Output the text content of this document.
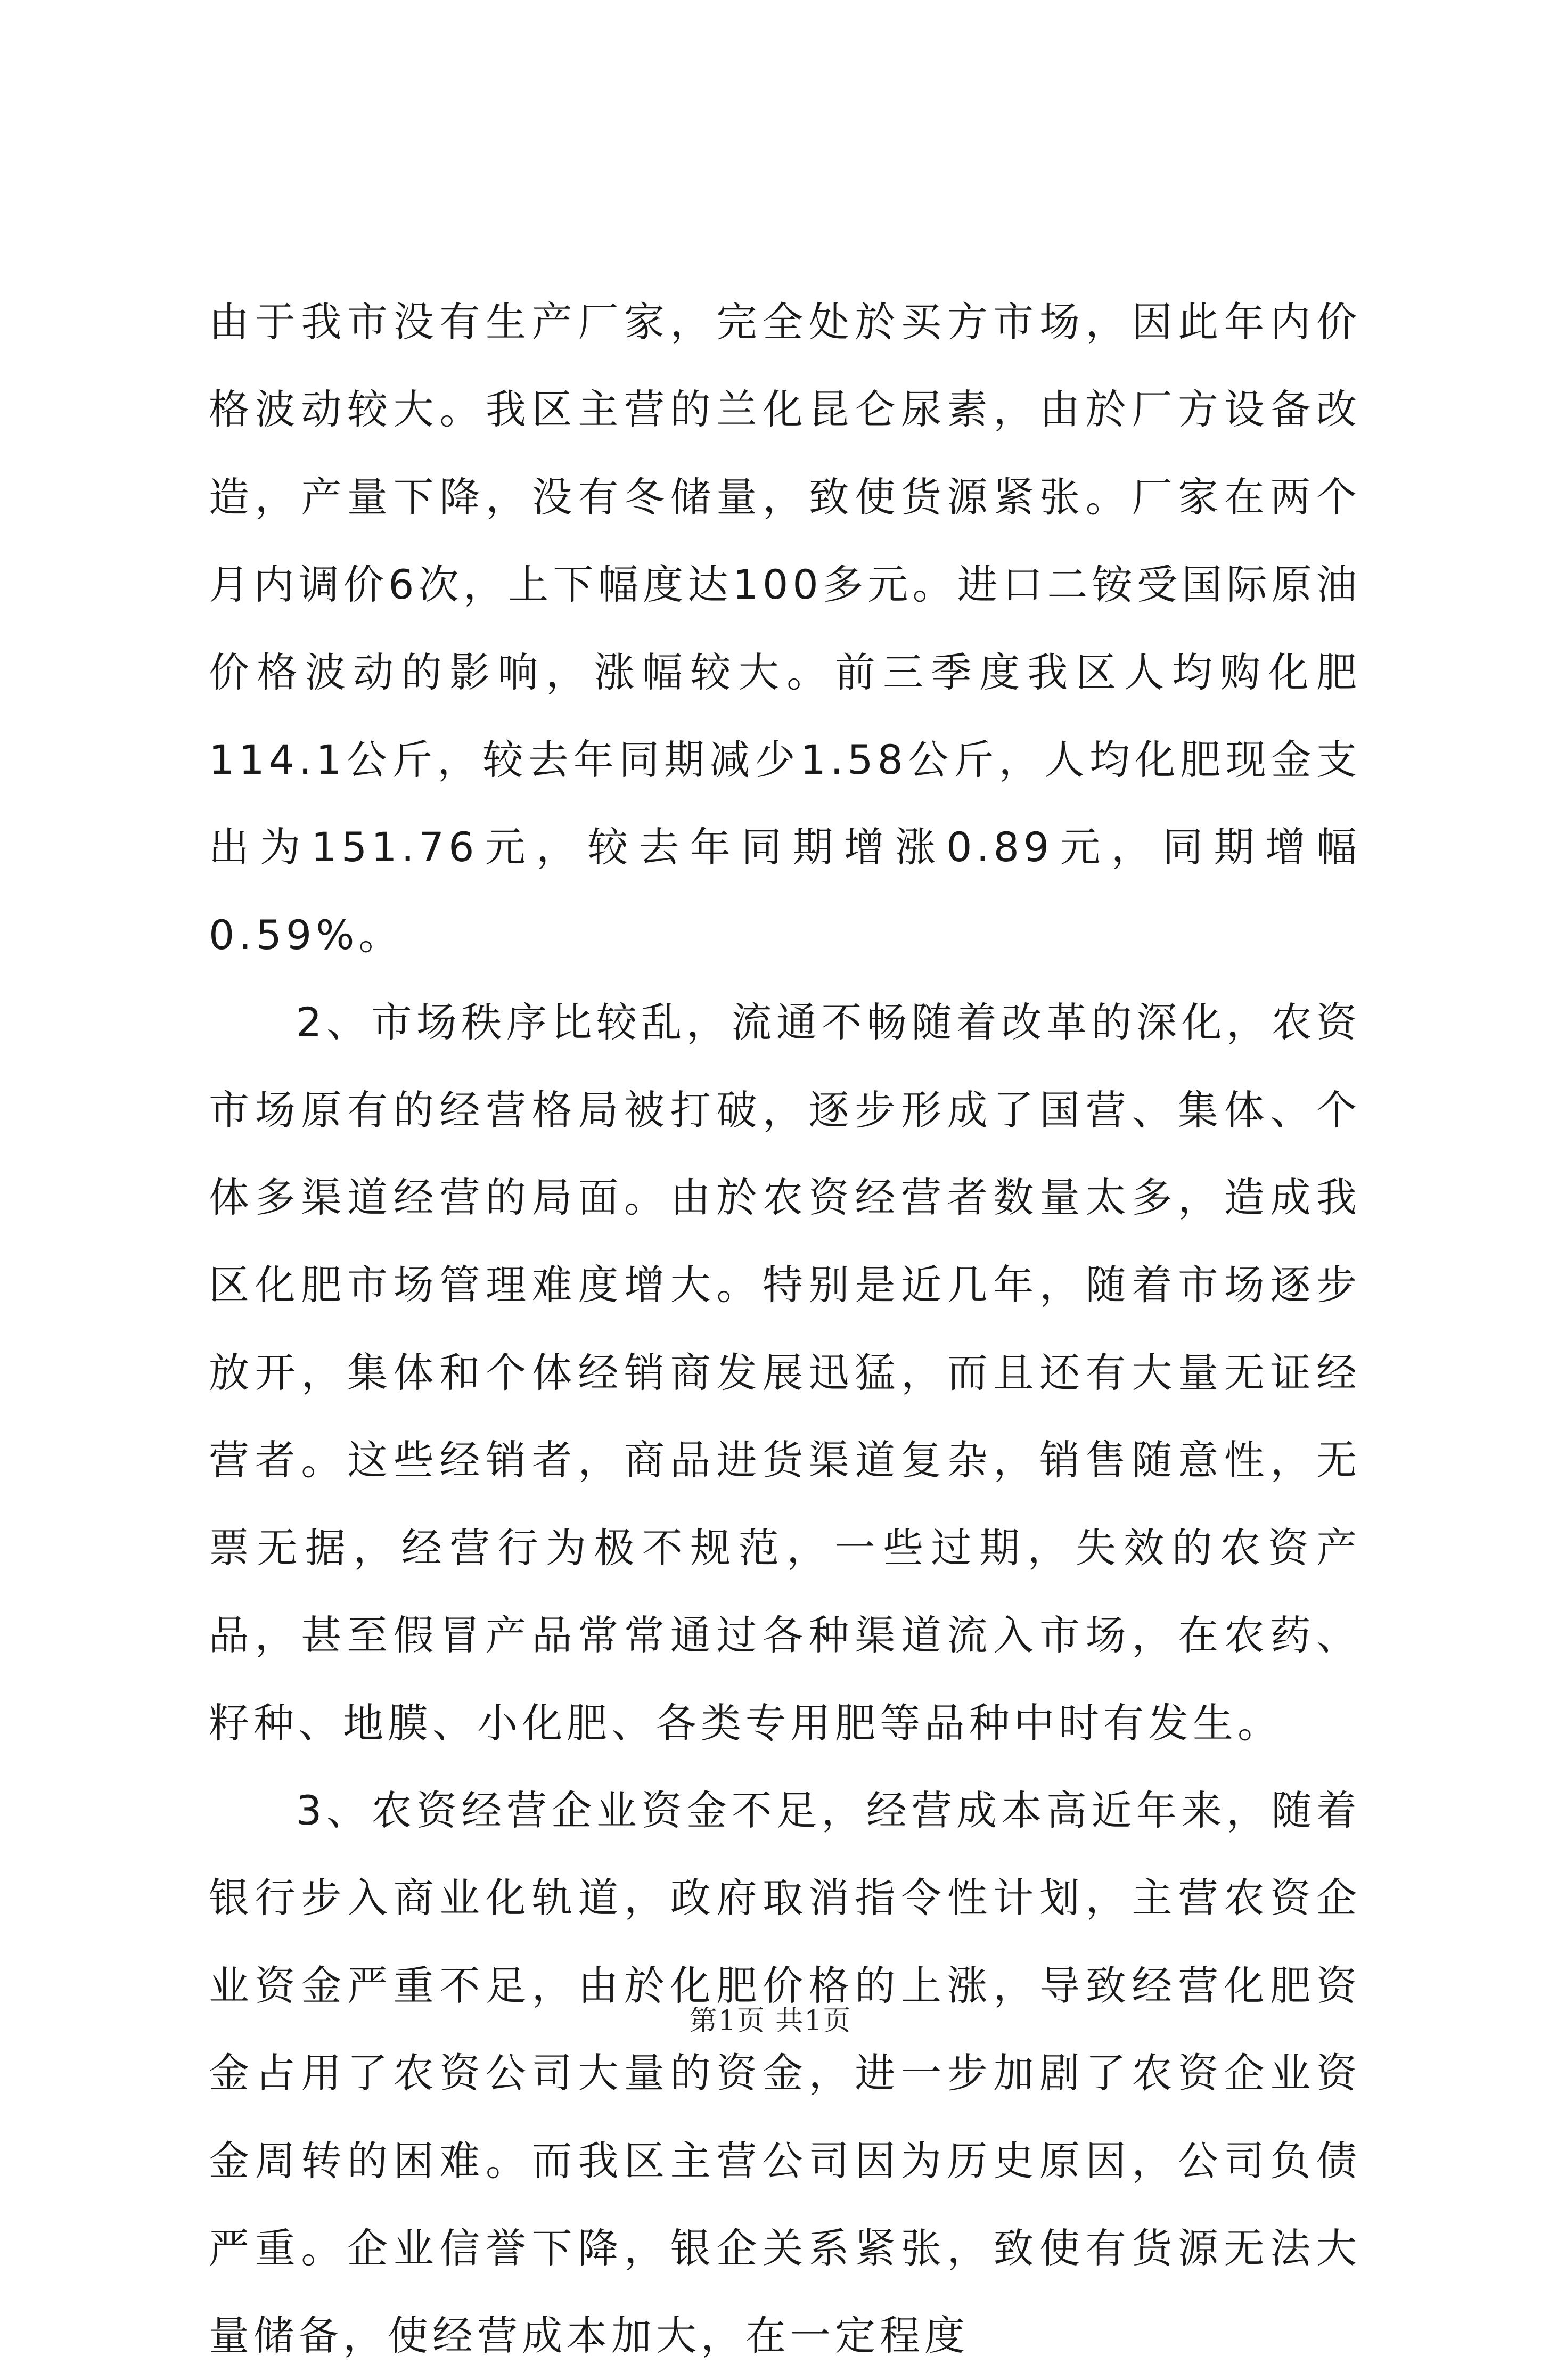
由于我市没有生产厂家，完全处於买方市场，因此年内价格波动较大。我区主营的兰化昆仑尿素，由於厂方设备改造，产量下降，没有冬储量，致使货源紧张。厂家在两个月内调价6次，上下幅度达100多元。进口二铵受国际原油价格波动的影响，涨幅较大。前三季度我区人均购化肥114.1公斤，较去年同期减少1.58公斤，人均化肥现金支出为151.76元，较去年同期增涨0.89元，同期增幅0.59%。

2、市场秩序比较乱，流通不畅随着改革的深化，农资市场原有的经营格局被打破，逐步形成了国营、集体、个体多渠道经营的局面。由於农资经营者数量太多，造成我区化肥市场管理难度增大。特别是近几年，随着市场逐步放开，集体和个体经销商发展迅猛，而且还有大量无证经营者。这些经销者，商品进货渠道复杂，销售随意性，无票无据，经营行为极不规范，一些过期，失效的农资产品，甚至假冒产品常常通过各种渠道流入市场，在农药、籽种、地膜、小化肥、各类专用肥等品种中时有发生。

3、农资经营企业资金不足，经营成本高近年来，随着银行步入商业化轨道，政府取消指令性计划，主营农资企业资金严重不足，由於化肥价格的上涨，导致经营化肥资金占用了农资公司大量的资金，进一步加剧了农资企业资金周转的困难。而我区主营公司因为历史原因，公司负债严重。企业信誉下降，银企关系紧张，致使有货源无法大量储备，使经营成本加大，在一定程度

第1页 共1页
